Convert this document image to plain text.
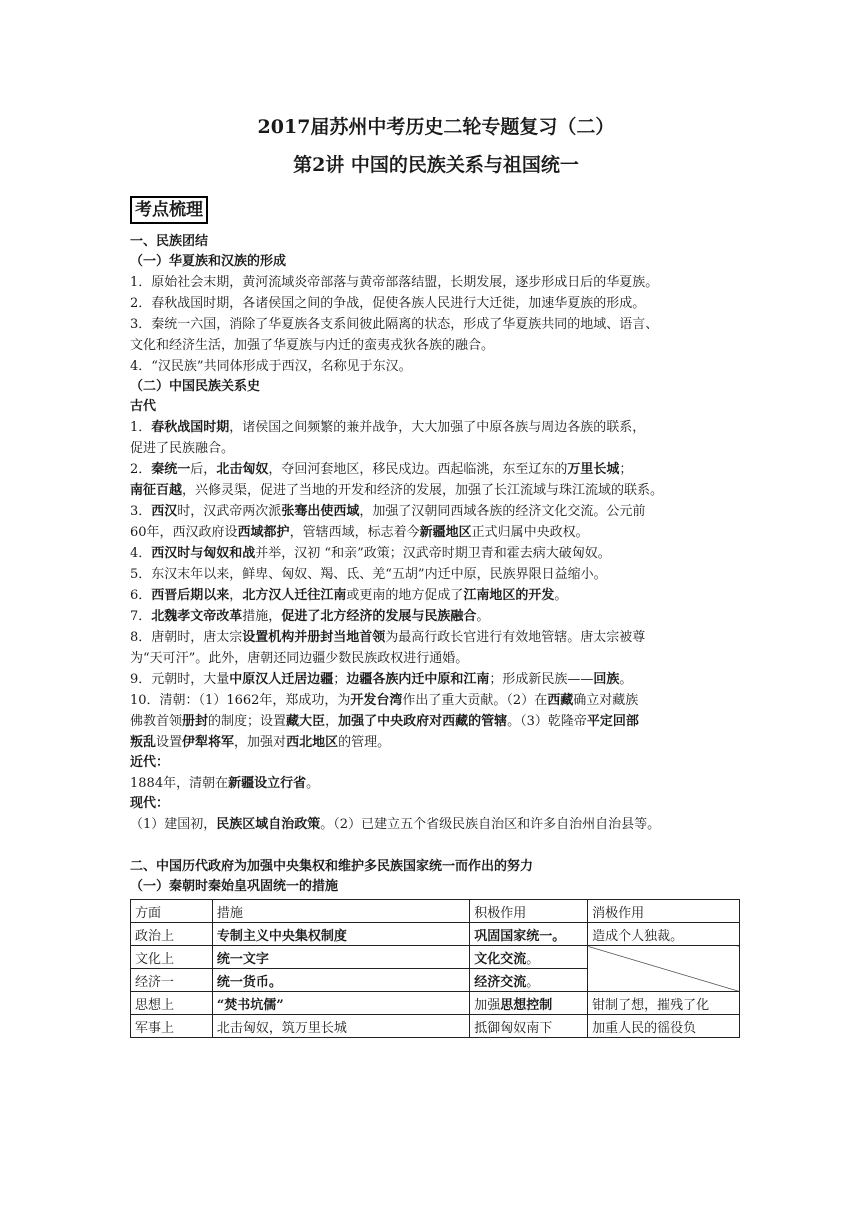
2017届苏州中考历史二轮专题复习（二）

第2讲 中国的民族关系与祖国统一

考点梳理
一、民族团结
（一）华夏族和汉族的形成

1．原始社会末期，黄河流域炎帝部落与黄帝部落结盟，长期发展，逐步形成日后的华夏族。

2．春秋战国时期，各诸侯国之间的争战，促使各族人民进行大迁徙，加速华夏族的形成。

3．秦统一六国，消除了华夏族各支系间彼此隔离的状态，形成了华夏族共同的地域、语言、

文化和经济生活，加强了华夏族与内迁的蛮夷戎狄各族的融合。

4．“汉民族”共同体形成于西汉，名称见于东汉。

（二）中国民族关系史
古代

1．春秋战国时期，诸侯国之间频繁的兼并战争，大大加强了中原各族与周边各族的联系，

促进了民族融合。

2．秦统一后，北击匈奴，夺回河套地区，移民戍边。西起临洮，东至辽东的万里长城；

南征百越，兴修灵渠，促进了当地的开发和经济的发展，加强了长江流域与珠江流域的联系。

3．西汉时，汉武帝两次派张骞出使西域，加强了汉朝同西域各族的经济文化交流。公元前

60年，西汉政府设西域都护，管辖西域，标志着今新疆地区正式归属中央政权。

4．西汉时与匈奴和战并举，汉初 “和亲”政策；汉武帝时期卫青和霍去病大破匈奴。

5．东汉末年以来，鲜卑、匈奴、羯、氐、羌“五胡”内迁中原，民族界限日益缩小。

6．西晋后期以来，北方汉人迁往江南或更南的地方促成了江南地区的开发。

7．北魏孝文帝改革措施，促进了北方经济的发展与民族融合。

8．唐朝时，唐太宗设置机构并册封当地首领为最高行政长官进行有效地管辖。唐太宗被尊

为“天可汗”。此外，唐朝还同边疆少数民族政权进行通婚。

9．元朝时，大量中原汉人迁居边疆；边疆各族内迁中原和江南；形成新民族——回族。

10．清朝：（1）1662年，郑成功，为开发台湾作出了重大贡献。（2）在西藏确立对藏族

佛教首领册封的制度；设置藏大臣，加强了中央政府对西藏的管辖。（3）乾隆帝平定回部

叛乱设置伊犁将军，加强对西北地区的管理。

近代：

1884年，清朝在新疆设立行省。

现代：

（1）建国初，民族区域自治政策。（2）已建立五个省级民族自治区和许多自治州自治县等。

二、中国历代政府为加强中央集权和维护多民族国家统一而作出的努力
（一）秦朝时秦始皇巩固统一的措施
方面	措施	积极作用	消极作用
政治上	专制主义中央集权制度	巩固国家统一。	造成个人独裁。
文化上	统一文字	文化交流。	
经济一	统一货币。	经济交流。	
思想上	“焚书坑儒”	加强思想控制	钳制了想，摧残了化
军事上	北击匈奴，筑万里长城	抵御匈奴南下	加重人民的徭役负
